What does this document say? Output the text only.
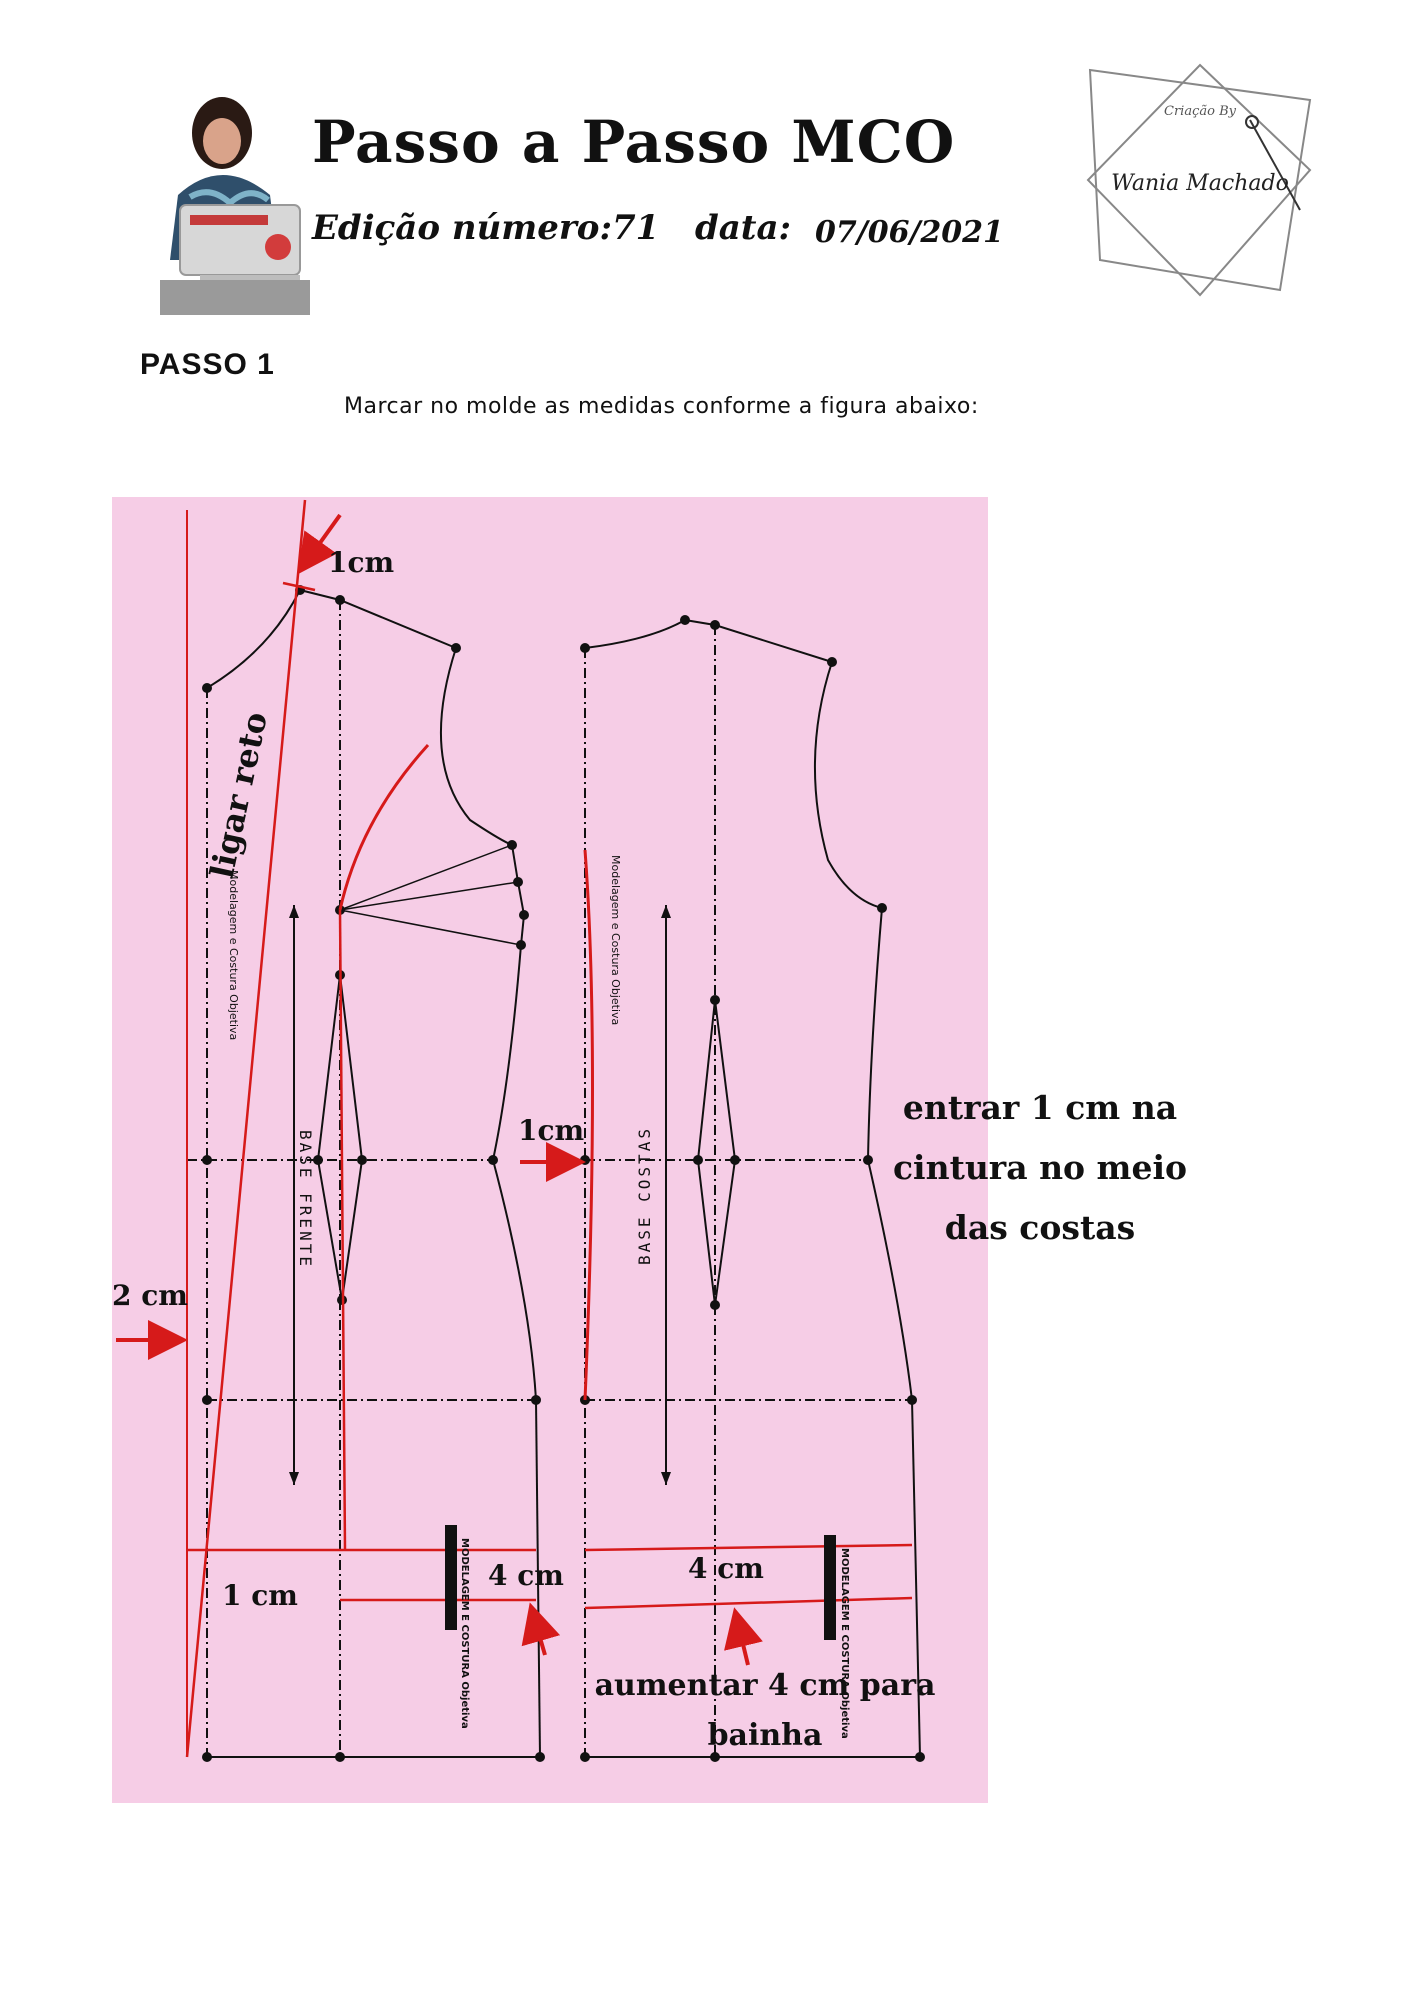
Passo a Passo MCO
Edição número: 71 data: 07/06/2021
Criação By
Wania Machado
PASSO 1
Marcar no molde as medidas conforme a figura abaixo:
ligar reto
Modelagem e Costura Objetiva	Modelagem e Costura Objetiva
BASE FRENTE	BASE COSTAS
MODELAGEM E COSTURA Objetiva	MODELAGEM E COSTURA Objetiva
1cm
2 cm
1 cm
1cm
4 cm	4 cm
aumentar 4 cm para
bainha
entrar 1 cm na
cintura no meio
das costas
